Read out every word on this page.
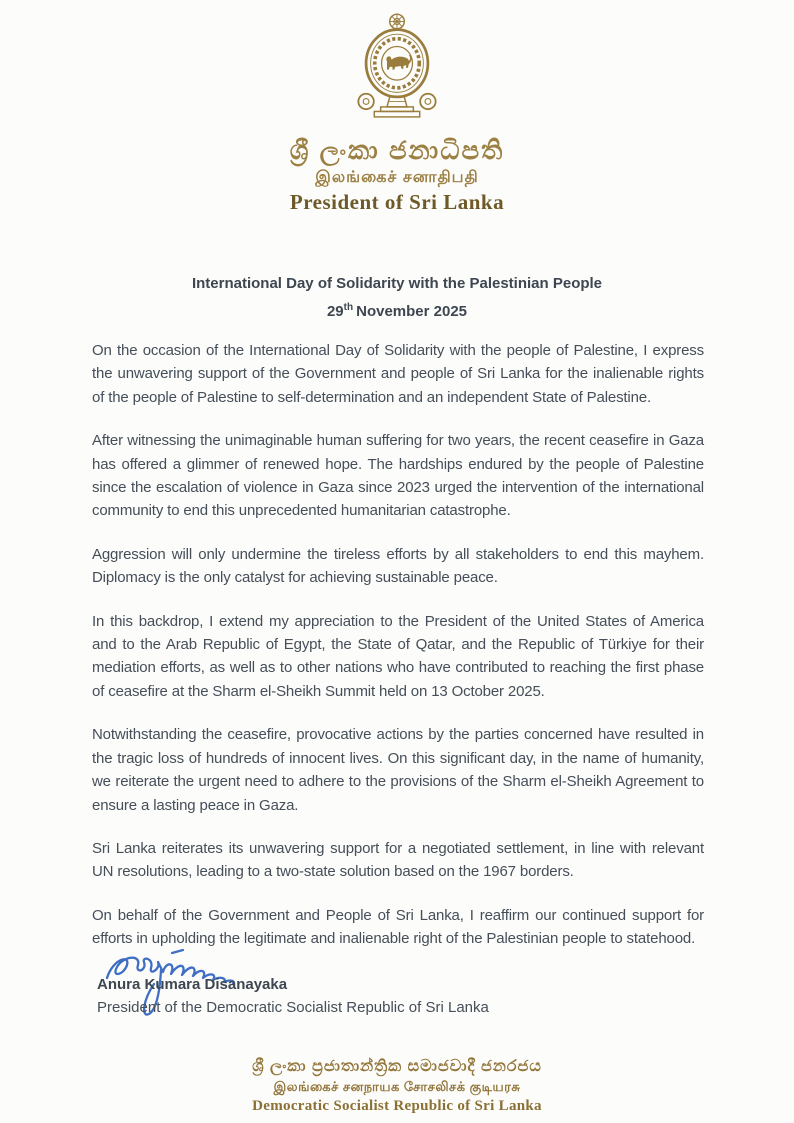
ශ්‍රී ලංකා ජනාධිපති
இலங்கைச் சனாதிபதி
President of Sri Lanka
International Day of Solidarity with the Palestinian People
29th November 2025

On the occasion of the International Day of Solidarity with the people of Palestine, I express the unwavering support of the Government and people of Sri Lanka for the inalienable rights of the people of Palestine to self-determination and an independent State of Palestine.

After witnessing the unimaginable human suffering for two years, the recent ceasefire in Gaza has offered a glimmer of renewed hope. The hardships endured by the people of Palestine since the escalation of violence in Gaza since 2023 urged the intervention of the international community to end this unprecedented humanitarian catastrophe.

Aggression will only undermine the tireless efforts by all stakeholders to end this mayhem. Diplomacy is the only catalyst for achieving sustainable peace.

In this backdrop, I extend my appreciation to the President of the United States of America and to the Arab Republic of Egypt, the State of Qatar, and the Republic of Türkiye for their mediation efforts, as well as to other nations who have contributed to reaching the first phase of ceasefire at the Sharm el-Sheikh Summit held on 13 October 2025.

Notwithstanding the ceasefire, provocative actions by the parties concerned have resulted in the tragic loss of hundreds of innocent lives. On this significant day, in the name of humanity, we reiterate the urgent need to adhere to the provisions of the Sharm el-Sheikh Agreement to ensure a lasting peace in Gaza.

Sri Lanka reiterates its unwavering support for a negotiated settlement, in line with relevant UN resolutions, leading to a two-state solution based on the 1967 borders.

On behalf of the Government and People of Sri Lanka, I reaffirm our continued support for efforts in upholding the legitimate and inalienable right of the Palestinian people to statehood.

Anura Kumara Disanayaka
President of the Democratic Socialist Republic of Sri Lanka
ශ්‍රී ලංකා ප්‍රජාතාන්ත්‍රික සමාජවාදී ජනරජය
இலங்கைச் சனநாயக சோசலிசக் குடியரசு
Democratic Socialist Republic of Sri Lanka
